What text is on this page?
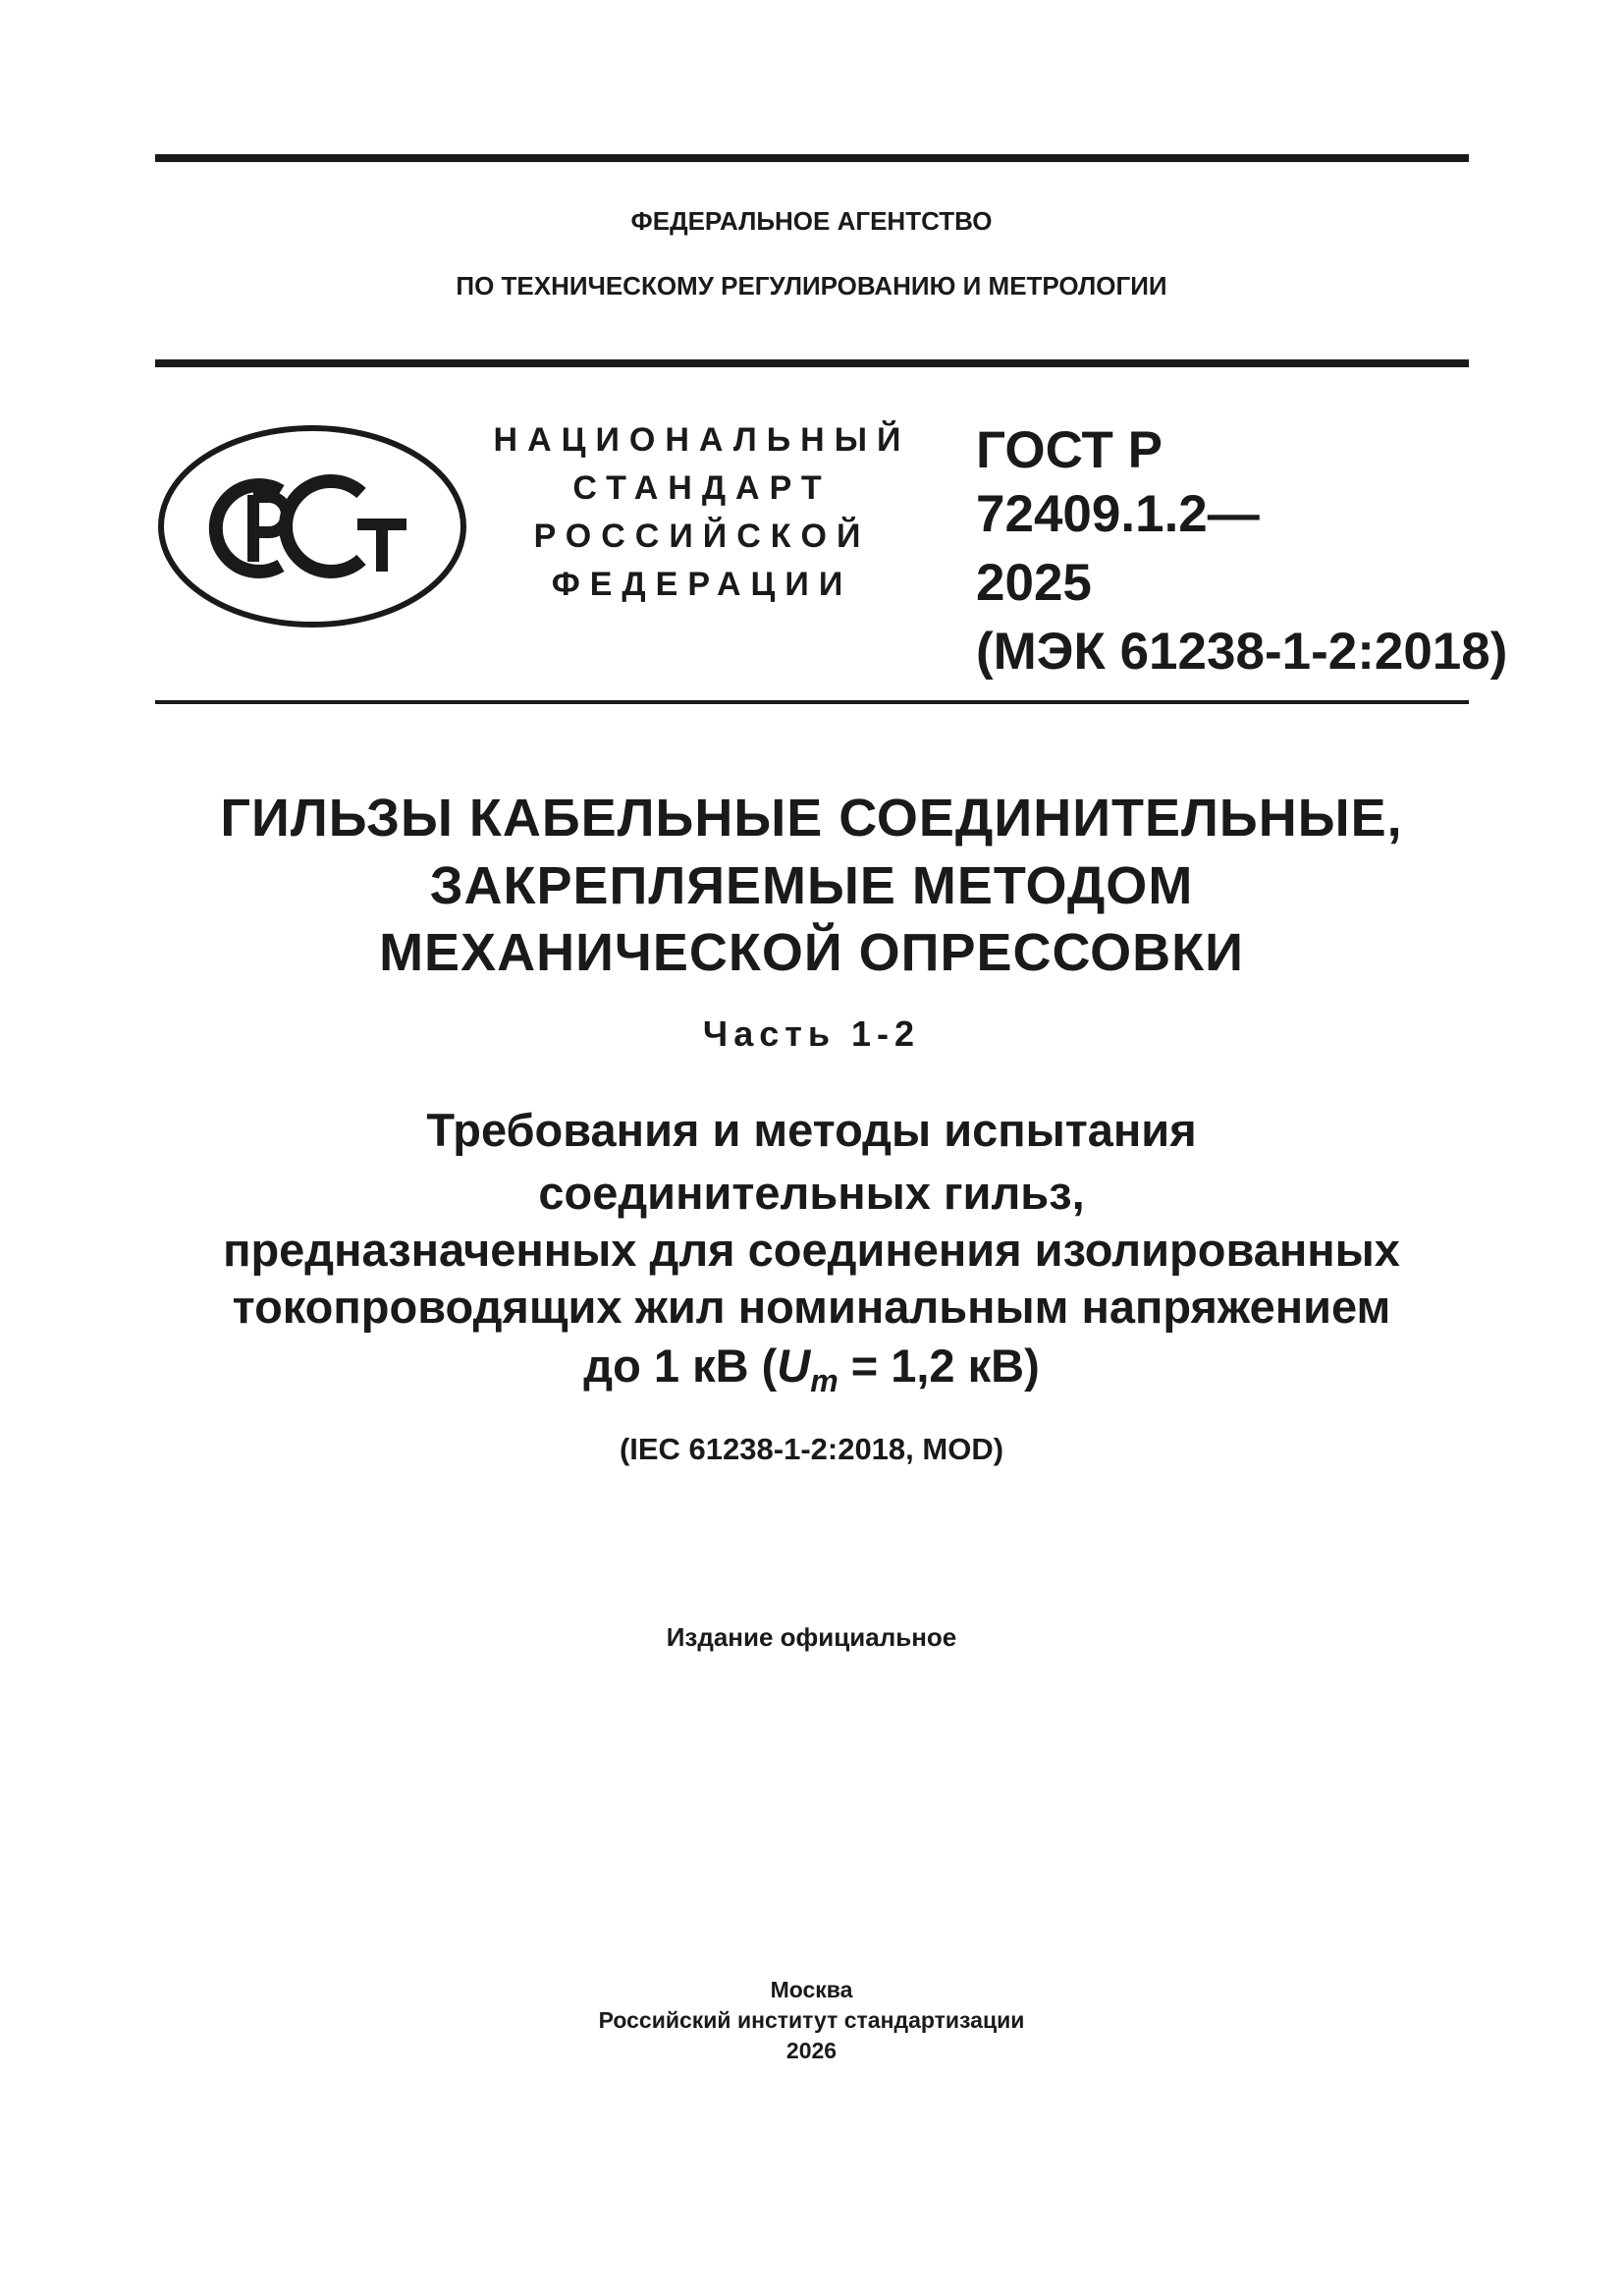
ФЕДЕРАЛЬНОЕ АГЕНТСТВО
ПО ТЕХНИЧЕСКОМУ РЕГУЛИРОВАНИЮ И МЕТРОЛОГИИ
НАЦИОНАЛЬНЫЙ
СТАНДАРТ
РОССИЙСКОЙ
ФЕДЕРАЦИИ
ГОСТ Р
72409.1.2—
2025
(МЭК 61238-1-2:2018)
ГИЛЬЗЫ КАБЕЛЬНЫЕ СОЕДИНИТЕЛЬНЫЕ,
ЗАКРЕПЛЯЕМЫЕ МЕТОДОМ
МЕХАНИЧЕСКОЙ ОПРЕССОВКИ
Часть 1-2
Требования и методы испытания
соединительных гильз,
предназначенных для соединения изолированных
токопроводящих жил номинальным напряжением
до 1 кВ ($U_m = 1,2$ кВ)
(IEC 61238-1-2:2018, MOD)
Издание официальное
Москва
Российский институт стандартизации
2026
